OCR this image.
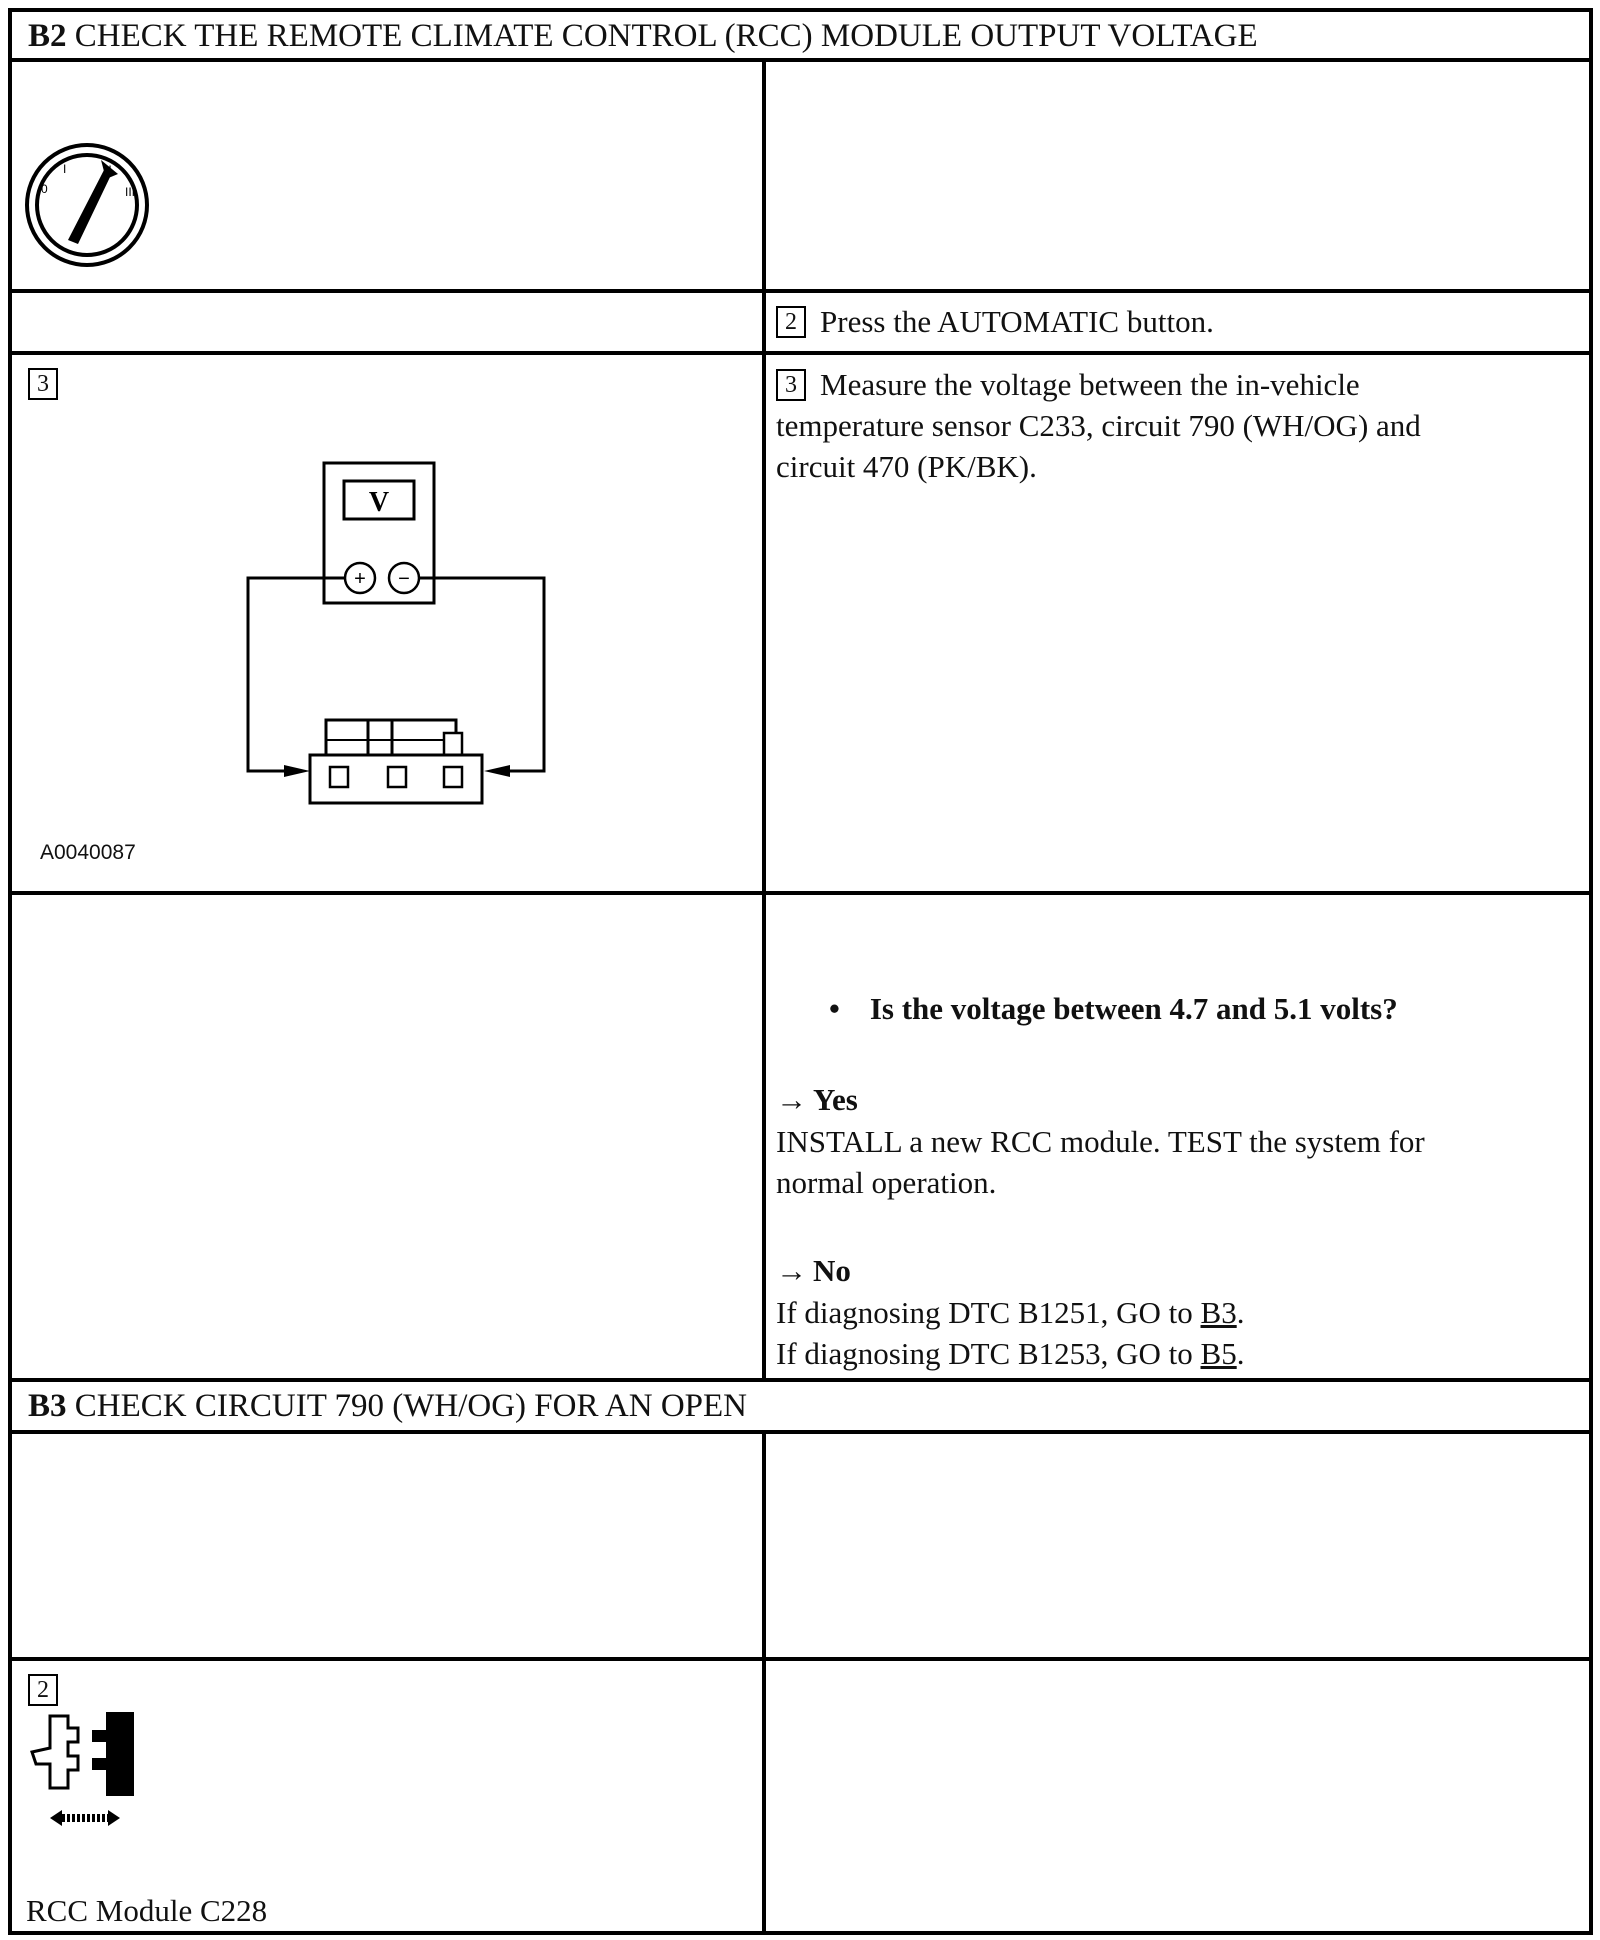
B2 CHECK THE REMOTE CLIMATE CONTROL (RCC) MODULE OUTPUT VOLTAGE
0
I
III
2 Press the AUTOMATIC button.
3
V
+ −
A0040087
3 Measure the voltage between the in-vehicle
temperature sensor C233, circuit 790 (WH/OG) and
circuit 470 (PK/BK).
• Is the voltage between 4.7 and 5.1 volts?
→ Yes
INSTALL a new RCC module. TEST the system for
normal operation.
→ No
If diagnosing DTC B1251, GO to B3.
If diagnosing DTC B1253, GO to B5.
B3 CHECK CIRCUIT 790 (WH/OG) FOR AN OPEN
2
RCC Module C228
